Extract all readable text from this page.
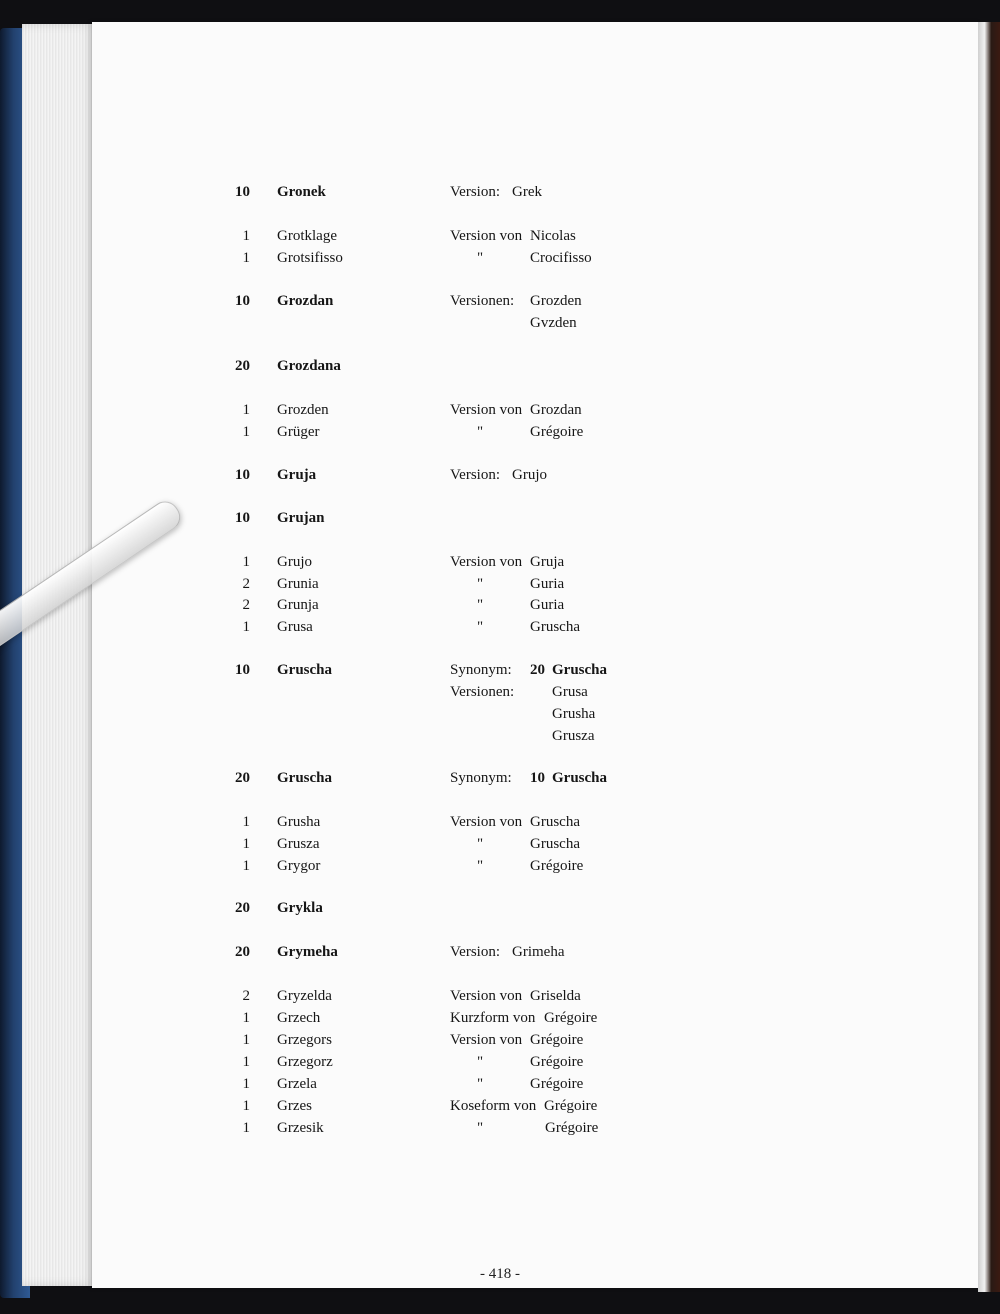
10 Gronek	Version: Grek
1 Grotklage	Version von Nicolas
1 Grotsifisso	"	Crocifisso
10 Grozdan	Versionen: Grozden
Gvzden
20 Grozdana
1 Grozden	Version von Grozdan
1 Grüger	"	Grégoire
10 Gruja	Version: Grujo
10 Grujan
1 Grujo	Version von Gruja
2 Grunia	"	Guria
2 Grunja	"	Guria
1 Grusa	"	Gruscha
10 Gruscha	Synonym: 20 Gruscha
Versionen:	Grusa
Grusha
Grusza
20 Gruscha	Synonym: 10 Gruscha
1 Grusha	Version von Gruscha
1 Grusza	"	Gruscha
1 Grygor	"	Grégoire
20 Grykla
20 Grymeha	Version: Grimeha
2 Gryzelda	Version von Griselda
1 Grzech	Kurzform von Grégoire
1 Grzegors	Version von Grégoire
1 Grzegorz	"	Grégoire
1 Grzela	"	Grégoire
1 Grzes	Koseform von Grégoire
1 Grzesik	"	Grégoire
- 418 -
